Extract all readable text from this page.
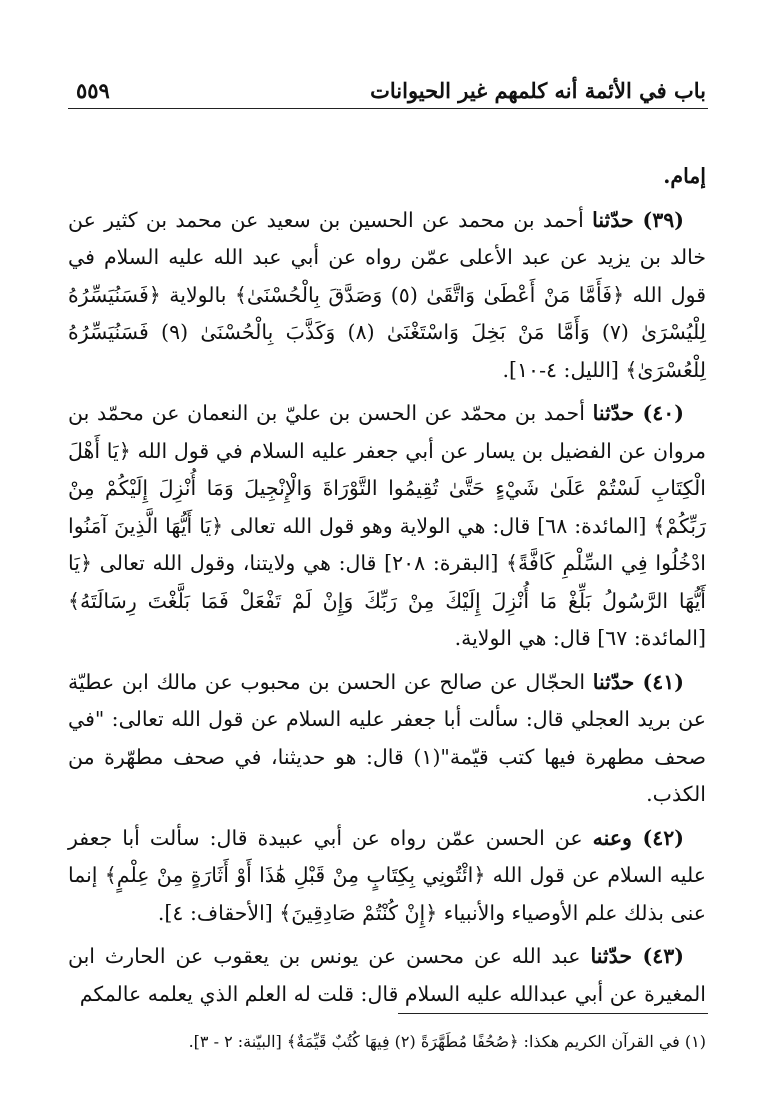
باب في الأئمة أنه كلمهم غير الحيوانات
٥٥٩

إمام.

(٣٩) حدّثنا أحمد بن محمد عن الحسين بن سعيد عن محمد بن كثير عن خالد بن يزيد عن عبد الأعلى عمّن رواه عن أبي عبد الله عليه السلام في قول الله ﴿فَأَمَّا مَنْ أَعْطَىٰ وَاتَّقَىٰ (٥) وَصَدَّقَ بِالْحُسْنَىٰ﴾ بالولاية ﴿فَسَنُيَسِّرُهُ لِلْيُسْرَىٰ (٧) وَأَمَّا مَنْ بَخِلَ وَاسْتَغْنَىٰ (٨) وَكَذَّبَ بِالْحُسْنَىٰ (٩) فَسَنُيَسِّرُهُ لِلْعُسْرَىٰ﴾ [الليل: ٤-١٠].

(٤٠) حدّثنا أحمد بن محمّد عن الحسن بن عليّ بن النعمان عن محمّد بن مروان عن الفضيل بن يسار عن أبي جعفر عليه السلام في قول الله ﴿يَا أَهْلَ الْكِتَابِ لَسْتُمْ عَلَىٰ شَيْءٍ حَتَّىٰ تُقِيمُوا التَّوْرَاةَ وَالْإِنْجِيلَ وَمَا أُنْزِلَ إِلَيْكُمْ مِنْ رَبِّكُمْ﴾ [المائدة: ٦٨] قال: هي الولاية وهو قول الله تعالى ﴿يَا أَيُّهَا الَّذِينَ آمَنُوا ادْخُلُوا فِي السِّلْمِ كَافَّةً﴾ [البقرة: ٢٠٨] قال: هي ولايتنا، وقول الله تعالى ﴿يَا أَيُّهَا الرَّسُولُ بَلِّغْ مَا أُنْزِلَ إِلَيْكَ مِنْ رَبِّكَ وَإِنْ لَمْ تَفْعَلْ فَمَا بَلَّغْتَ رِسَالَتَهُ﴾ [المائدة: ٦٧] قال: هي الولاية.

(٤١) حدّثنا الحجّال عن صالح عن الحسن بن محبوب عن مالك ابن عطيّة عن بريد العجلي قال: سألت أبا جعفر عليه السلام عن قول الله تعالى: "في صحف مطهرة فيها كتب قيّمة"(١) قال: هو حديثنا، في صحف مطهّرة من الكذب.

(٤٢) وعنه عن الحسن عمّن رواه عن أبي عبيدة قال: سألت أبا جعفر عليه السلام عن قول الله ﴿ائْتُونِي بِكِتَابٍ مِنْ قَبْلِ هَٰذَا أَوْ أَثَارَةٍ مِنْ عِلْمٍ﴾ إنما عنى بذلك علم الأوصياء والأنبياء ﴿إِنْ كُنْتُمْ صَادِقِينَ﴾ [الأحقاف: ٤].

(٤٣) حدّثنا عبد الله عن محسن عن يونس بن يعقوب عن الحارث ابن المغيرة عن أبي عبدالله عليه السلام قال: قلت له العلم الذي يعلمه عالمكم

(١) في القرآن الكريم هكذا: ﴿صُحُفًا مُطَهَّرَةً (٢) فِيهَا كُتُبٌ قَيِّمَةٌ﴾ [البيّنة: ٢ - ٣].
